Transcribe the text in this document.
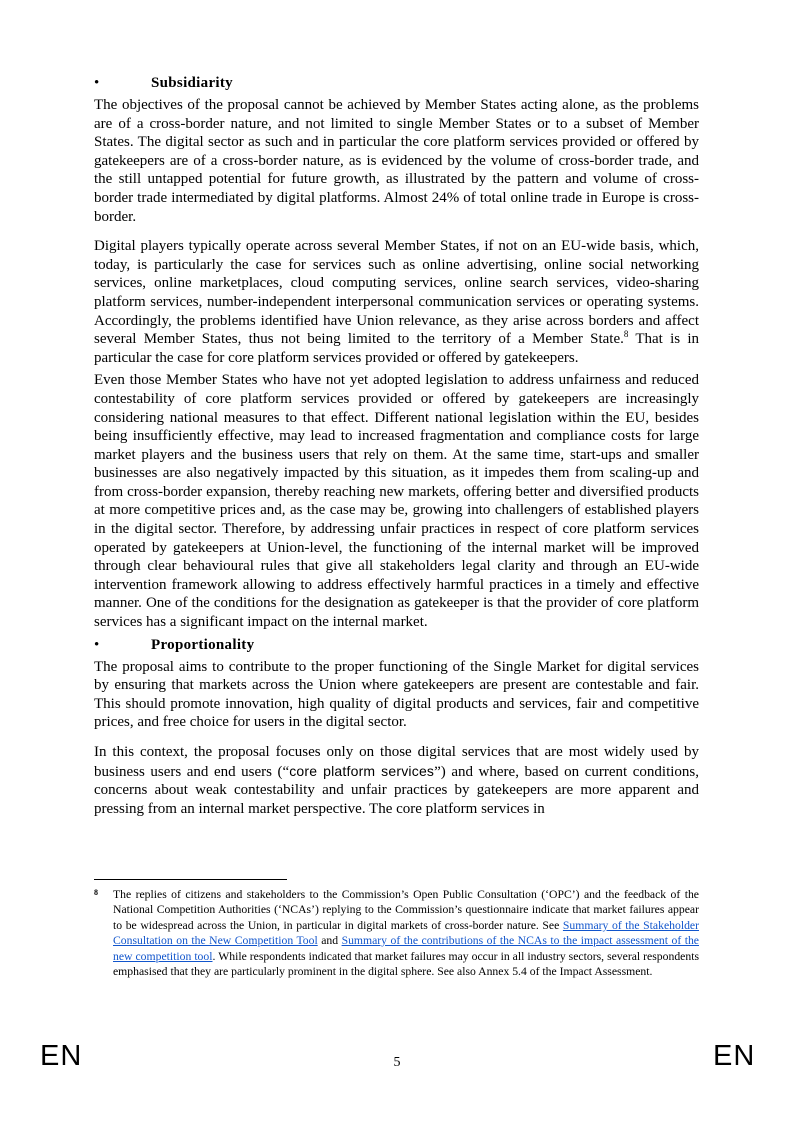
•	Subsidiarity

The objectives of the proposal cannot be achieved by Member States acting alone, as the problems are of a cross-border nature, and not limited to single Member States or to a subset of Member States. The digital sector as such and in particular the core platform services provided or offered by gatekeepers are of a cross-border nature, as is evidenced by the volume of cross-border trade, and the still untapped potential for future growth, as illustrated by the pattern and volume of cross-border trade intermediated by digital platforms. Almost 24% of total online trade in Europe is cross-border.

Digital players typically operate across several Member States, if not on an EU-wide basis, which, today, is particularly the case for services such as online advertising, online social networking services, online marketplaces, cloud computing services, online search services, video-sharing platform services, number-independent interpersonal communication services or operating systems. Accordingly, the problems identified have Union relevance, as they arise across borders and affect several Member States, thus not being limited to the territory of a Member State.$^8$ That is in particular the case for core platform services provided or offered by gatekeepers.

Even those Member States who have not yet adopted legislation to address unfairness and reduced contestability of core platform services provided or offered by gatekeepers are increasingly considering national measures to that effect. Different national legislation within the EU, besides being insufficiently effective, may lead to increased fragmentation and compliance costs for large market players and the business users that rely on them. At the same time, start-ups and smaller businesses are also negatively impacted by this situation, as it impedes them from scaling-up and from cross-border expansion, thereby reaching new markets, offering better and diversified products at more competitive prices and, as the case may be, growing into challengers of established players in the digital sector. Therefore, by addressing unfair practices in respect of core platform services operated by gatekeepers at Union-level, the functioning of the internal market will be improved through clear behavioural rules that give all stakeholders legal clarity and through an EU-wide intervention framework allowing to address effectively harmful practices in a timely and effective manner. One of the conditions for the designation as gatekeeper is that the provider of core platform services has a significant impact on the internal market.

•	Proportionality

The proposal aims to contribute to the proper functioning of the Single Market for digital services by ensuring that markets across the Union where gatekeepers are present are contestable and fair. This should promote innovation, high quality of digital products and services, fair and competitive prices, and free choice for users in the digital sector.

In this context, the proposal focuses only on those digital services that are most widely used by business users and end users (“core platform services”) and where, based on current conditions, concerns about weak contestability and unfair practices by gatekeepers are more apparent and pressing from an internal market perspective. The core platform services in

8	The replies of citizens and stakeholders to the Commission’s Open Public Consultation (‘OPC’) and the feedback of the National Competition Authorities (‘NCAs’) replying to the Commission’s questionnaire indicate that market failures appear to be widespread across the Union, in particular in digital markets of cross-border nature. See Summary of the Stakeholder Consultation on the New Competition Tool and Summary of the contributions of the NCAs to the impact assessment of the new competition tool. While respondents indicated that market failures may occur in all industry sectors, several respondents emphasised that they are particularly prominent in the digital sphere. See also Annex 5.4 of the Impact Assessment.
EN	5	EN
